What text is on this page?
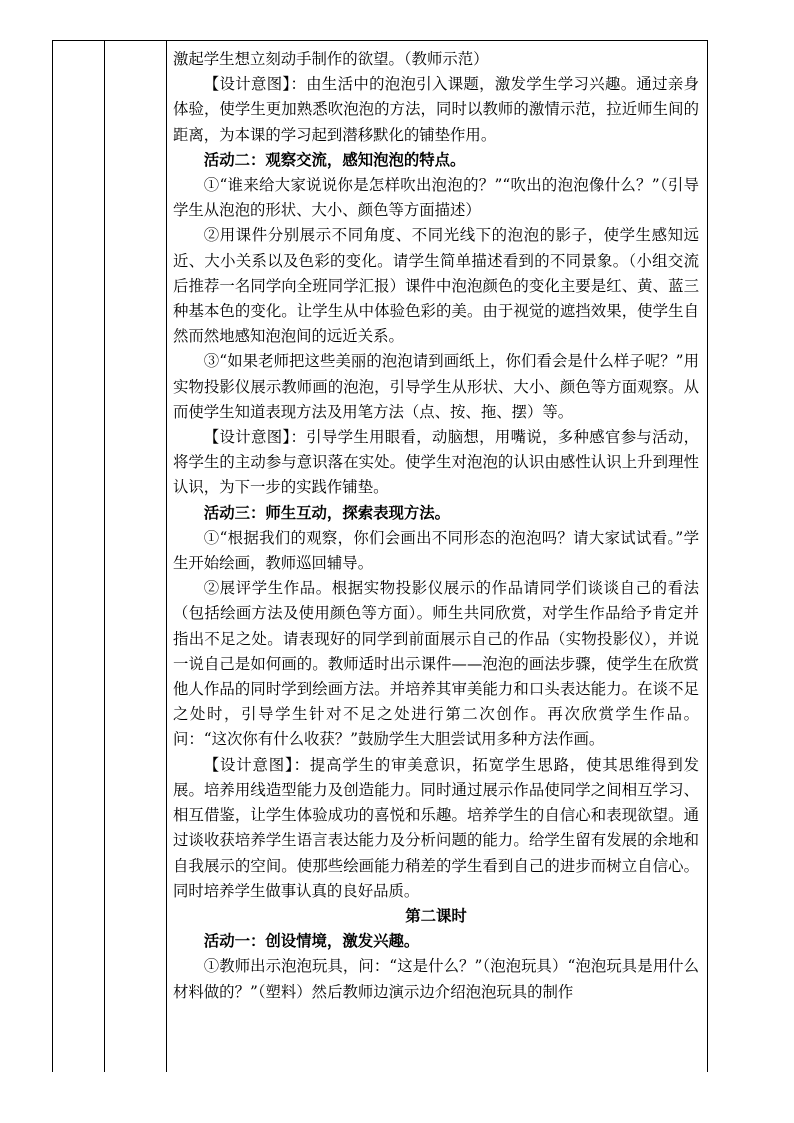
激起学生想立刻动手制作的欲望。（教师示范）

【设计意图】：由生活中的泡泡引入课题，激发学生学习兴趣。通过亲身体验，使学生更加熟悉吹泡泡的方法，同时以教师的激情示范，拉近师生间的距离，为本课的学习起到潜移默化的铺垫作用。

活动二：观察交流，感知泡泡的特点。

①“谁来给大家说说你是怎样吹出泡泡的？”“吹出的泡泡像什么？”（引导学生从泡泡的形状、大小、颜色等方面描述）

②用课件分别展示不同角度、不同光线下的泡泡的影子，使学生感知远近、大小关系以及色彩的变化。请学生简单描述看到的不同景象。（小组交流后推荐一名同学向全班同学汇报）课件中泡泡颜色的变化主要是红、黄、蓝三种基本色的变化。让学生从中体验色彩的美。由于视觉的遮挡效果，使学生自然而然地感知泡泡间的远近关系。

③“如果老师把这些美丽的泡泡请到画纸上，你们看会是什么样子呢？”用实物投影仪展示教师画的泡泡，引导学生从形状、大小、颜色等方面观察。从而使学生知道表现方法及用笔方法（点、按、拖、摆）等。

【设计意图】：引导学生用眼看，动脑想，用嘴说，多种感官参与活动，将学生的主动参与意识落在实处。使学生对泡泡的认识由感性认识上升到理性认识，为下一步的实践作铺垫。

活动三：师生互动，探索表现方法。

①“根据我们的观察，你们会画出不同形态的泡泡吗？请大家试试看。”学生开始绘画，教师巡回辅导。

②展评学生作品。根据实物投影仪展示的作品请同学们谈谈自己的看法（包括绘画方法及使用颜色等方面）。师生共同欣赏，对学生作品给予肯定并指出不足之处。请表现好的同学到前面展示自己的作品（实物投影仪），并说一说自己是如何画的。教师适时出示课件——泡泡的画法步骤，使学生在欣赏他人作品的同时学到绘画方法。并培养其审美能力和口头表达能力。在谈不足之处时，引导学生针对不足之处进行第二次创作。再次欣赏学生作品。问：“这次你有什么收获？”鼓励学生大胆尝试用多种方法作画。

【设计意图】：提高学生的审美意识，拓宽学生思路，使其思维得到发展。培养用线造型能力及创造能力。同时通过展示作品使同学之间相互学习、相互借鉴，让学生体验成功的喜悦和乐趣。培养学生的自信心和表现欲望。通过谈收获培养学生语言表达能力及分析问题的能力。给学生留有发展的余地和自我展示的空间。使那些绘画能力稍差的学生看到自己的进步而树立自信心。同时培养学生做事认真的良好品质。

第二课时

活动一：创设情境，激发兴趣。

①教师出示泡泡玩具，问：“这是什么？”（泡泡玩具）“泡泡玩具是用什么材料做的？”（塑料）然后教师边演示边介绍泡泡玩具的制作
